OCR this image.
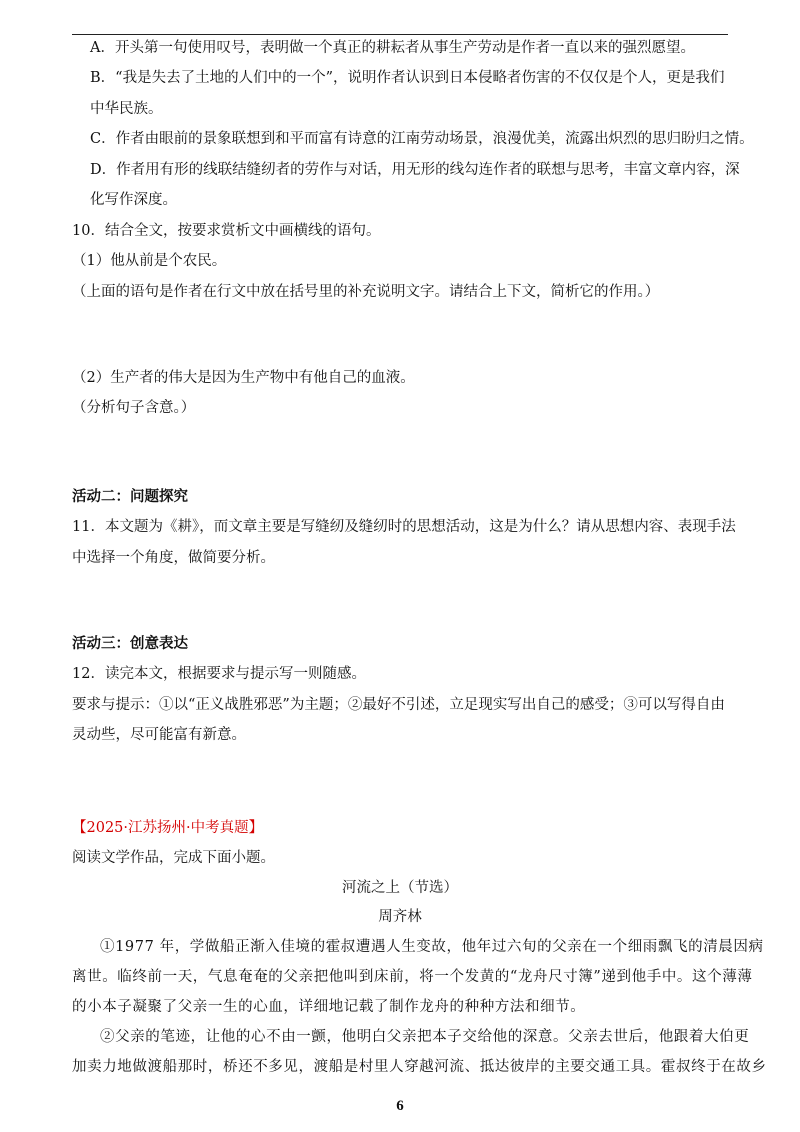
A．开头第一句使用叹号，表明做一个真正的耕耘者从事生产劳动是作者一直以来的强烈愿望。
B．“我是失去了土地的人们中的一个”，说明作者认识到日本侵略者伤害的不仅仅是个人，更是我们
中华民族。
C．作者由眼前的景象联想到和平而富有诗意的江南劳动场景，浪漫优美，流露出炽烈的思归盼归之情。
D．作者用有形的线联结缝纫者的劳作与对话，用无形的线勾连作者的联想与思考，丰富文章内容，深
化写作深度。
10．结合全文，按要求赏析文中画横线的语句。
（1）他从前是个农民。
（上面的语句是作者在行文中放在括号里的补充说明文字。请结合上下文，简析它的作用。）
（2）生产者的伟大是因为生产物中有他自己的血液。
（分析句子含意。）
活动二：问题探究
11．本文题为《耕》，而文章主要是写缝纫及缝纫时的思想活动，这是为什么？请从思想内容、表现手法
中选择一个角度，做简要分析。
活动三：创意表达
12．读完本文，根据要求与提示写一则随感。
要求与提示：①以“正义战胜邪恶”为主题；②最好不引述，立足现实写出自己的感受；③可以写得自由
灵动些，尽可能富有新意。
【2025·江苏扬州·中考真题】
阅读文学作品，完成下面小题。
河流之上（节选）
周齐林
①1977 年，学做船正渐入佳境的霍叔遭遇人生变故，他年过六旬的父亲在一个细雨飘飞的清晨因病
离世。临终前一天，气息奄奄的父亲把他叫到床前，将一个发黄的“龙舟尺寸簿”递到他手中。这个薄薄
的小本子凝聚了父亲一生的心血，详细地记载了制作龙舟的种种方法和细节。
②父亲的笔迹，让他的心不由一颤，他明白父亲把本子交给他的深意。父亲去世后，他跟着大伯更
加卖力地做渡船那时，桥还不多见，渡船是村里人穿越河流、抵达彼岸的主要交通工具。霍叔终于在故乡
6
